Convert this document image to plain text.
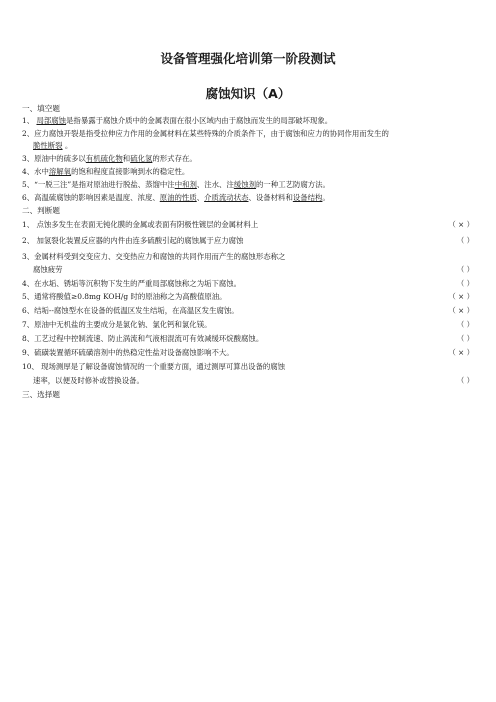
设备管理强化培训第一阶段测试
腐蚀知识（A）
一、填空题
1、 局部腐蚀是指暴露于腐蚀介质中的金属表面在很小区域内由于腐蚀而发生的局部破坏现象。
2、应力腐蚀开裂是指受拉伸应力作用的金属材料在某些特殊的介质条件下，由于腐蚀和应力的协同作用而发生的
脆性断裂 。
3、原油中的硫多以有机硫化物和硫化氢的形式存在。
4、水中溶解氧的饱和程度直接影响到水的稳定性。
5、“一脱三注”是指对原油进行脱盐、蒸馏中注中和剂、注水、注缓蚀剂的一种工艺防腐方法。
6、高温硫腐蚀的影响因素是温度、浓度、原油的性质、介质流动状态、设备材料和设备结构。
二、判断题
1、 点蚀多发生在表面无钝化膜的金属或表面有阴极性镀层的金属材料上	（ × ）
2、 加氢裂化装置反应器的内件由连多硫酸引起的腐蚀属于应力腐蚀	（ ）
3、金属材料受到交变应力、交变热应力和腐蚀的共同作用而产生的腐蚀形态称之
腐蚀疲劳	（ ）
4、在水垢、锈垢等沉积物下发生的严重局部腐蚀称之为垢下腐蚀。	（ ）
5、通常将酸值≥0.8mg KOH/g 时的原油称之为高酸值原油。	（ × ）
6、结垢-‐腐蚀型水在设备的低温区发生结垢，在高温区发生腐蚀。	（ × ）
7、原油中无机盐的主要成分是氯化钠、氯化钙和氯化镁。	（ ）
8、工艺过程中控制流速、防止涡流和气液相混流可有效减缓环烷酸腐蚀。	（ ）
9、硫磺装置循环硫磺溶剂中的热稳定性盐对设备腐蚀影响不大。	（ × ）
10、 现场测厚是了解设备腐蚀情况的一个重要方面，通过测厚可算出设备的腐蚀
速率，以便及时修补或替换设备。	（ ）
三、选择题
